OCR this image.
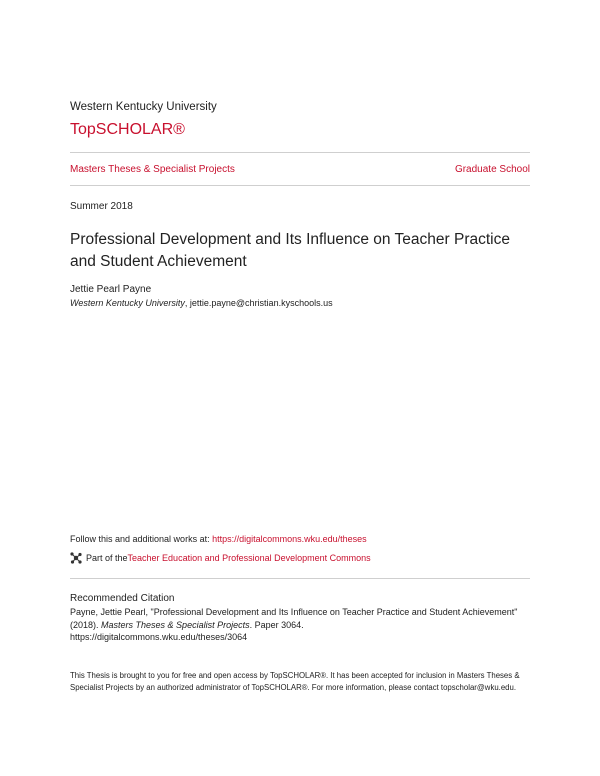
Western Kentucky University
TopSCHOLAR®
Masters Theses & Specialist Projects	Graduate School
Summer 2018
Professional Development and Its Influence on Teacher Practice and Student Achievement
Jettie Pearl Payne
Western Kentucky University, jettie.payne@christian.kyschools.us
Follow this and additional works at: https://digitalcommons.wku.edu/theses
Part of the Teacher Education and Professional Development Commons
Recommended Citation
Payne, Jettie Pearl, "Professional Development and Its Influence on Teacher Practice and Student Achievement" (2018). Masters Theses & Specialist Projects. Paper 3064.
https://digitalcommons.wku.edu/theses/3064
This Thesis is brought to you for free and open access by TopSCHOLAR®. It has been accepted for inclusion in Masters Theses & Specialist Projects by an authorized administrator of TopSCHOLAR®. For more information, please contact topscholar@wku.edu.
